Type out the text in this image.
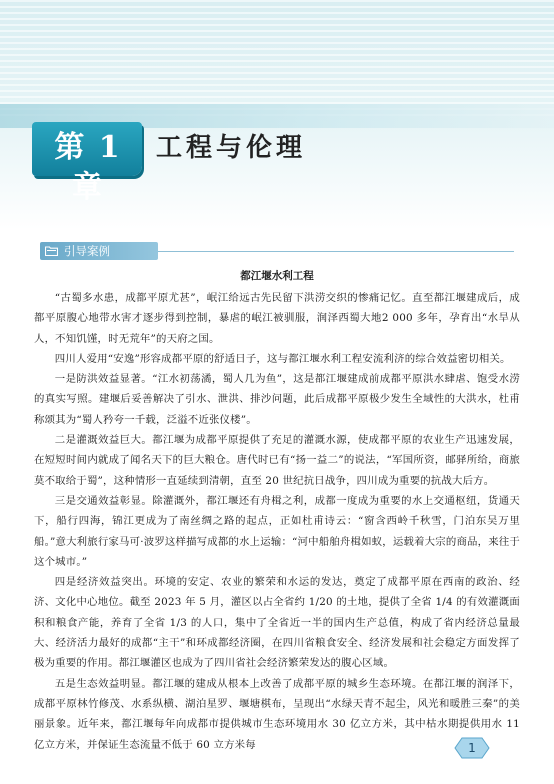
第 1 章
工程与伦理
引导案例
都江堰水利工程

“古蜀多水患，成都平原尤甚”，岷江给远古先民留下洪涝交织的惨痛记忆。直至都江堰建成后，成都平原腹心地带水害才逐步得到控制，暴虐的岷江被驯服，润泽西蜀大地2 000 多年，孕育出“水旱从人，不知饥馑，时无荒年”的天府之国。

四川人爱用“安逸”形容成都平原的舒适日子，这与都江堰水利工程安流利济的综合效益密切相关。

一是防洪效益显著。“江水初荡潏，蜀人几为鱼”，这是都江堰建成前成都平原洪水肆虐、饱受水涝的真实写照。建堰后妥善解决了引水、泄洪、排沙问题，此后成都平原极少发生全域性的大洪水，杜甫称颂其为“蜀人矜夸一千载，泛溢不近张仪楼”。

二是灌溉效益巨大。都江堰为成都平原提供了充足的灌溉水源，使成都平原的农业生产迅速发展，在短短时间内就成了闻名天下的巨大粮仓。唐代时已有“扬一益二”的说法，“军国所资，邮驿所给，商旅莫不取给于蜀”，这种情形一直延续到清朝，直至 20 世纪抗日战争，四川成为重要的抗战大后方。

三是交通效益彰显。除灌溉外，都江堰还有舟楫之利，成都一度成为重要的水上交通枢纽，货通天下，船行四海，锦江更成为了南丝绸之路的起点，正如杜甫诗云：“窗含西岭千秋雪，门泊东吴万里船。”意大利旅行家马可·波罗这样描写成都的水上运输：“河中船舶舟楫如蚁，运载着大宗的商品，来往于这个城市。”

四是经济效益突出。环境的安定、农业的繁荣和水运的发达，奠定了成都平原在西南的政治、经济、文化中心地位。截至 2023 年 5 月，灌区以占全省约 1/20 的土地，提供了全省 1/4 的有效灌溉面积和粮食产能，养育了全省 1/3 的人口，集中了全省近一半的国内生产总值，构成了省内经济总量最大、经济活力最好的成都“主干”和环成都经济圈，在四川省粮食安全、经济发展和社会稳定方面发挥了极为重要的作用。都江堰灌区也成为了四川省社会经济繁荣发达的腹心区域。

五是生态效益明显。都江堰的建成从根本上改善了成都平原的城乡生态环境。在都江堰的润泽下，成都平原林竹修茂、水系纵横、湖泊星罗、堰塘棋布，呈现出“水绿天青不起尘，风光和暖胜三秦”的美丽景象。近年来，都江堰每年向成都市提供城市生态环境用水 30 亿立方米，其中枯水期提供用水 11 亿立方米，并保证生态流量不低于 60 立方米每	1
